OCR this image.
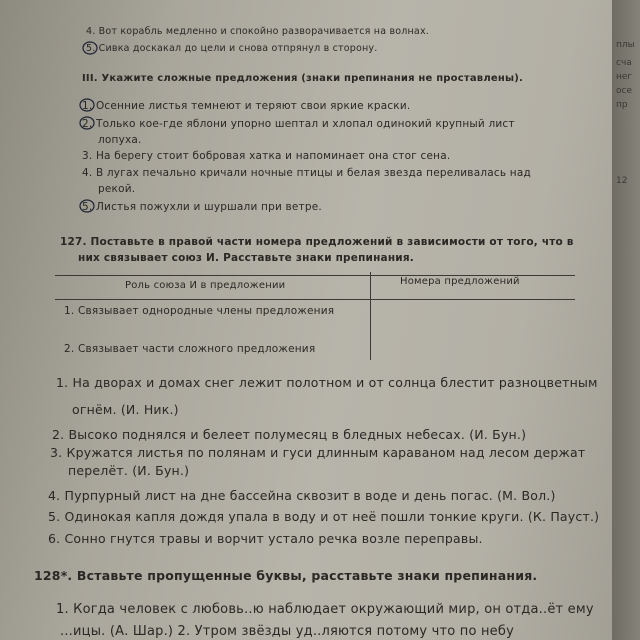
4. Вот корабль медленно и спокойно разворачивается на волнах.
5. Сивка доскакал до цели и снова отпрянул в сторону.
III. Укажите сложные предложения (знаки препинания не проставлены).
1. Осенние листья темнеют и теряют свои яркие краски.
2. Только кое-где яблони упорно шептал и хлопал одинокий крупный лист
лопуха.
3. На берегу стоит бобровая хатка и напоминает она стог сена.
4. В лугах печально кричали ночные птицы и белая звезда переливалась над
рекой.
5. Листья пожухли и шуршали при ветре.
127. Поставьте в правой части номера предложений в зависимости от того, что в
них связывает союз И. Расставьте знаки препинания.
Роль союза И в предложении	Номера предложений
1. Связывает однородные члены предложения
2. Связывает части сложного предложения
1. На дворах и домах снег лежит полотном и от солнца блестит разноцветным
огнём. (И. Ник.)
2. Высоко поднялся и белеет полумесяц в бледных небесах. (И. Бун.)
3. Кружатся листья по полянам и гуси длинным караваном над лесом держат
перелёт. (И. Бун.)
4. Пурпурный лист на дне бассейна сквозит в воде и день погас. (М. Вол.)
5. Одинокая капля дождя упала в воду и от неё пошли тонкие круги. (К. Пауст.)
6. Сонно гнутся травы и ворчит устало речка возле переправы.
128*. Вставьте пропущенные буквы, расставьте знаки препинания.
1. Когда человек с любовь..ю наблюдает окружающий мир, он отда..ёт ему
...ицы. (А. Шар.) 2. Утром звёзды уд..ляются потому что по небу
плы
сча
нег
осе
пр
12
